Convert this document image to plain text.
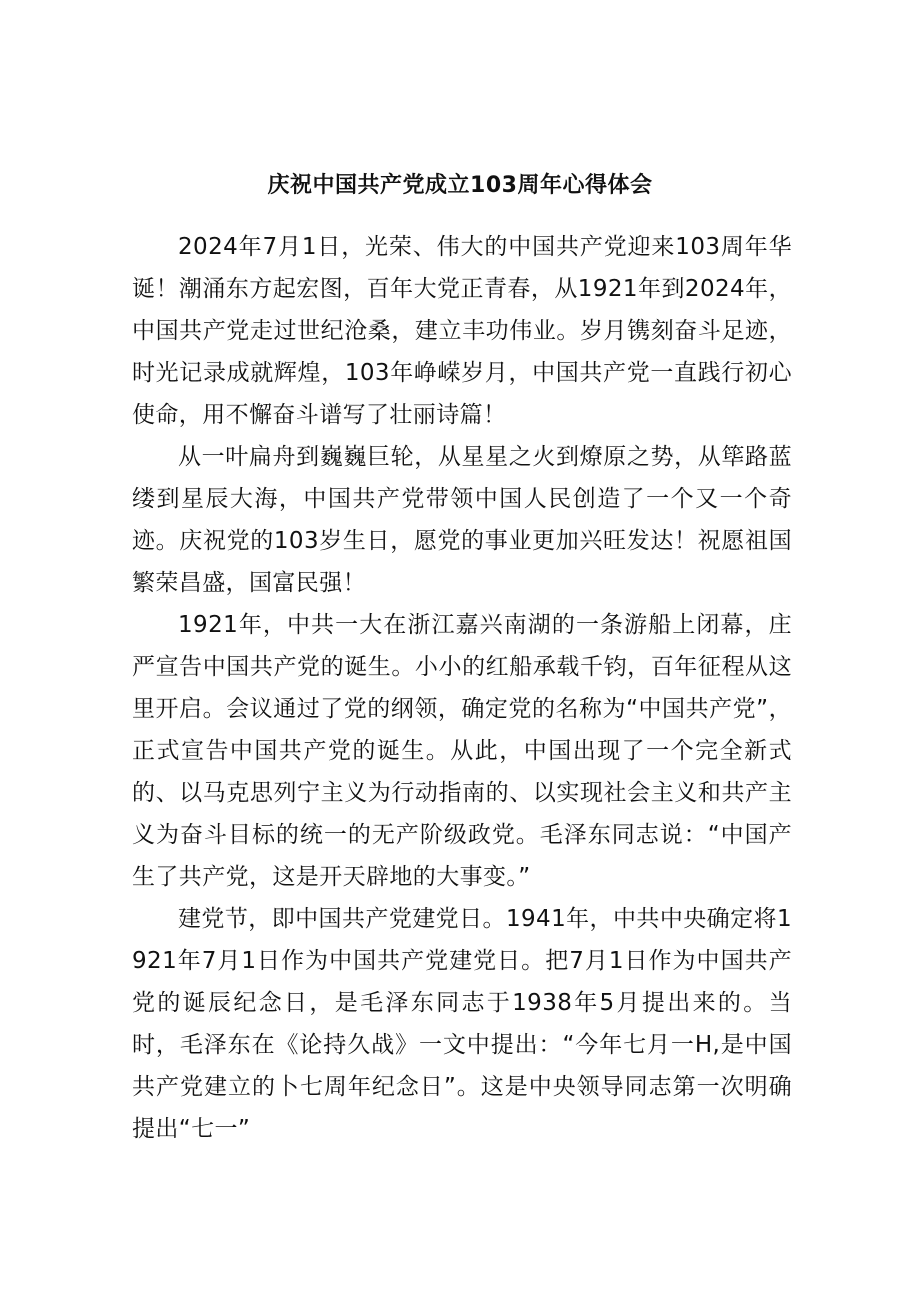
庆祝中国共产党成立103周年心得体会

2024年7月1日，光荣、伟大的中国共产党迎来103周年华诞！潮涌东方起宏图，百年大党正青春，从1921年到2024年，中国共产党走过世纪沧桑，建立丰功伟业。岁月镌刻奋斗足迹，时光记录成就辉煌，103年峥嵘岁月，中国共产党一直践行初心使命，用不懈奋斗谱写了壮丽诗篇！

从一叶扁舟到巍巍巨轮，从星星之火到燎原之势，从筚路蓝缕到星辰大海，中国共产党带领中国人民创造了一个又一个奇迹。庆祝党的103岁生日，愿党的事业更加兴旺发达！祝愿祖国繁荣昌盛，国富民强！

1921年，中共一大在浙江嘉兴南湖的一条游船上闭幕，庄严宣告中国共产党的诞生。小小的红船承载千钧，百年征程从这里开启。会议通过了党的纲领，确定党的名称为“中国共产党”，正式宣告中国共产党的诞生。从此，中国出现了一个完全新式的、以马克思列宁主义为行动指南的、以实现社会主义和共产主义为奋斗目标的统一的无产阶级政党。毛泽东同志说：“中国产生了共产党，这是开天辟地的大事变。”

建党节，即中国共产党建党日。1941年，中共中央确定将1921年7月1日作为中国共产党建党日。把7月1日作为中国共产党的诞辰纪念日，是毛泽东同志于1938年5月提出来的。当时，毛泽东在《论持久战》一文中提出：“今年七月一H,是中国共产党建立的卜七周年纪念日”。这是中央领导同志第一次明确提出“七一”
